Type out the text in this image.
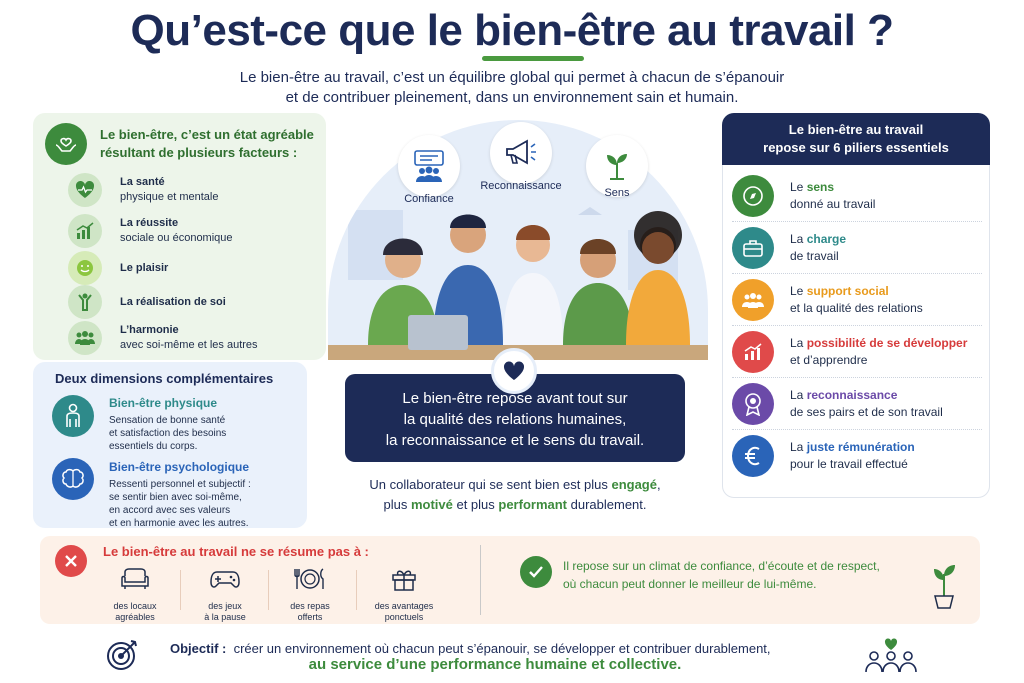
Qu’est-ce que le bien-être au travail ?
Le bien-être au travail, c’est un équilibre global qui permet à chacun de s’épanouir
et de contribuer pleinement, dans un environnement sain et humain.
Le bien-être, c’est un état agréable
résultant de plusieurs facteurs :
La santé
physique et mentale
La réussite
sociale ou économique
Le plaisir
La réalisation de soi
L’harmonie
avec soi-même et les autres
Deux dimensions complémentaires
Bien-être physique
Sensation de bonne santé
et satisfaction des besoins
essentiels du corps.
Bien-être psychologique
Ressenti personnel et subjectif :
se sentir bien avec soi-même,
en accord avec ses valeurs
et en harmonie avec les autres.
Confiance
Reconnaissance
Sens
Le bien-être repose avant tout sur
la qualité des relations humaines,
la reconnaissance et le sens du travail.
Un collaborateur qui se sent bien est plus engagé,
plus motivé et plus performant durablement.
Le bien-être au travail
repose sur 6 piliers essentiels
Le sens
donné au travail
La charge
de travail
Le support social
et la qualité des relations
La possibilité de se développer
et d’apprendre
La reconnaissance
de ses pairs et de son travail
La juste rémunération
pour le travail effectué
Le bien-être au travail ne se résume pas à :
des locaux
agréables
des jeux
à la pause
des repas
offerts
des avantages
ponctuels
Il repose sur un climat de confiance, d’écoute et de respect,
où chacun peut donner le meilleur de lui-même.
Objectif : créer un environnement où chacun peut s’épanouir, se développer et contribuer durablement,
au service d’une performance humaine et collective.
